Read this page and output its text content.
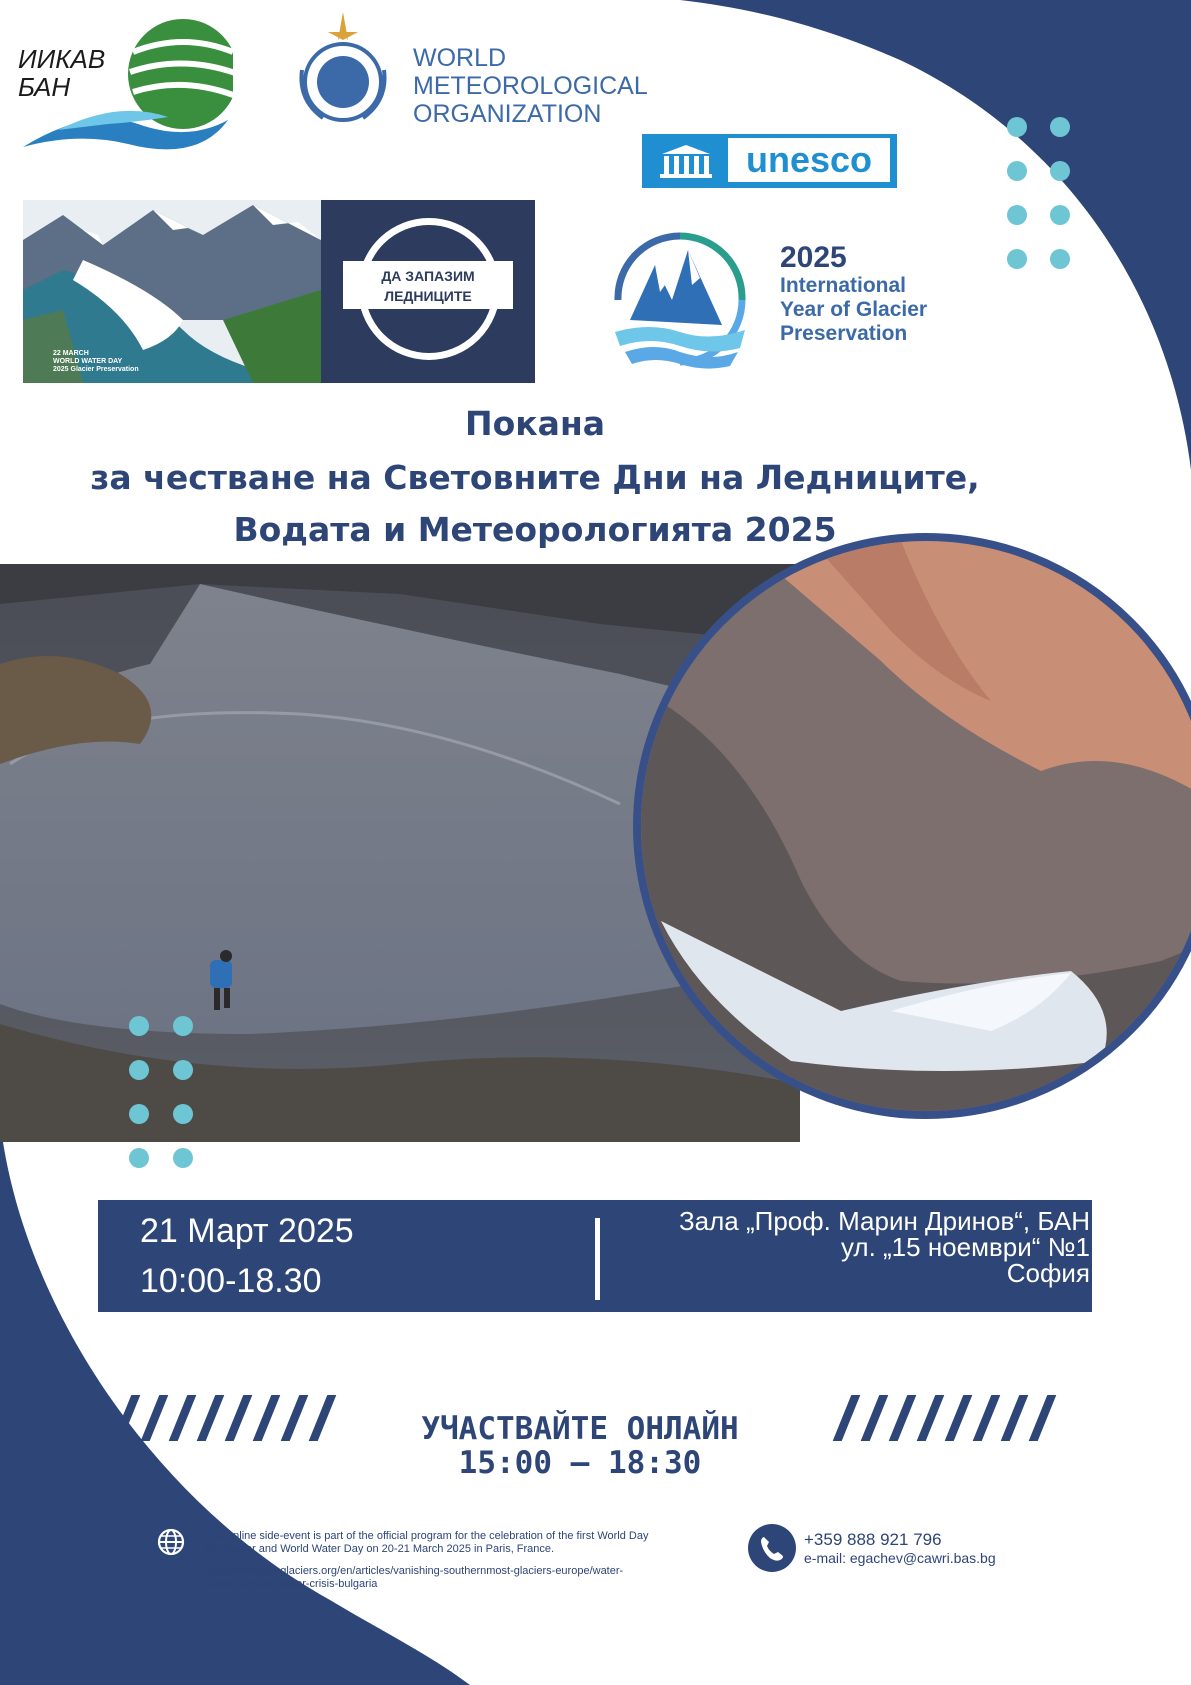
ИИКАВ
БАН
WORLD
METEOROLOGICAL
ORGANIZATION
unesco
22 MARCH
WORLD WATER DAY
2025 Glacier Preservation
ДА ЗАПАЗИМ
ЛЕДНИЦИТЕ
2025
International
Year of Glacier
Preservation
Покана
за честване на Световните Дни на Ледниците,
Водата и Метеорологията 2025
21 Март 2025
10:00-18.30
Зала „Проф. Марин Дринов“, БАН
ул. „15 ноември“ №1
София
УЧАСТВАЙТЕ ОНЛАЙН
15:00 – 18:30
The online side-event is part of the official program for the celebration of the first World Day
for Glacier and World Water Day on 20-21 March 2025 in Paris, France.
https://www.un-glaciers.org/en/articles/vanishing-southernmost-glaciers-europe/water-
resources-and-water-crisis-bulgaria
+359 888 921 796
e-mail: egachev@cawri.bas.bg
